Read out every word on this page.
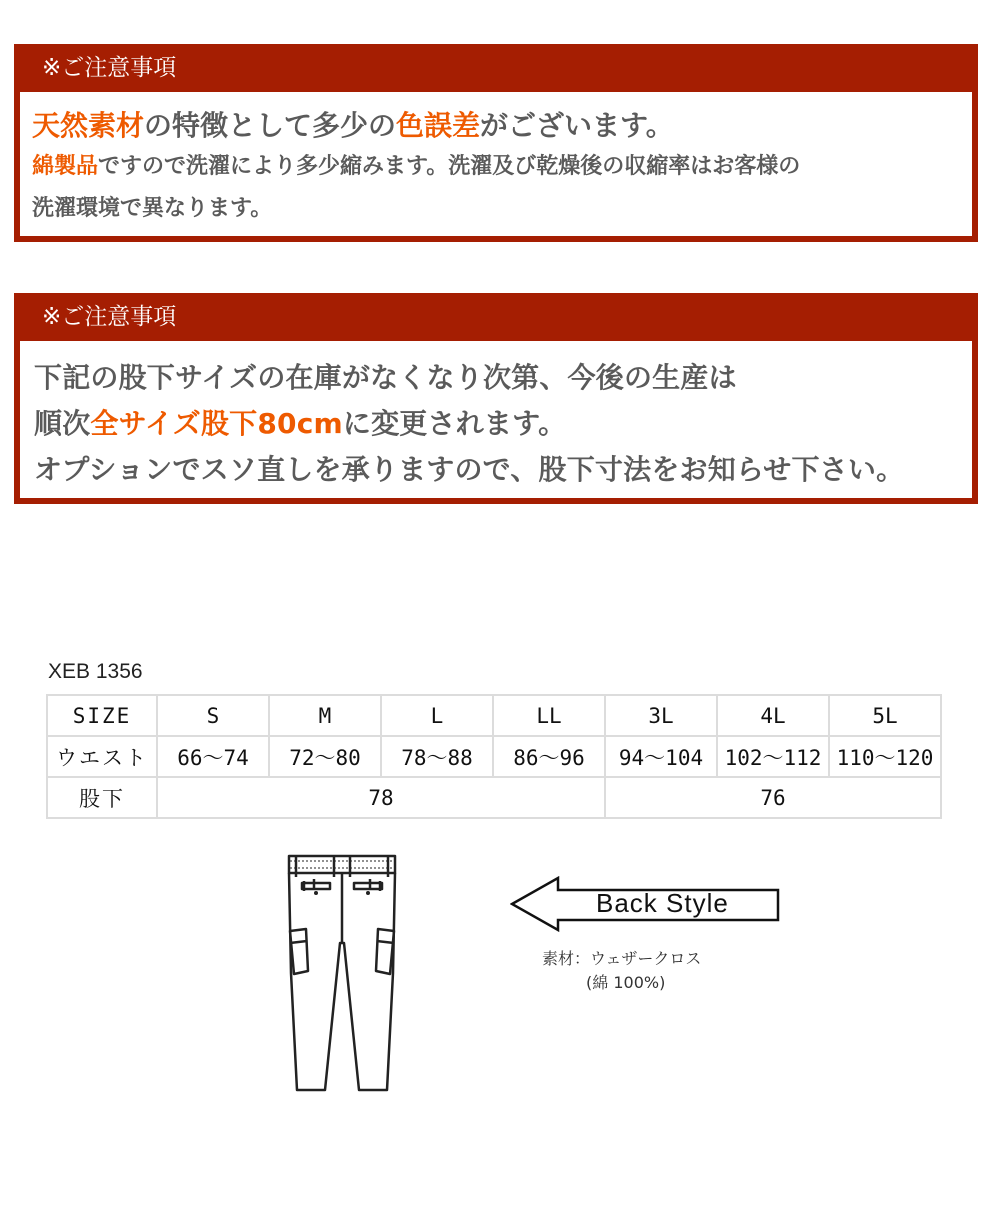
※ご注意事項
天然素材の特徴として多少の色誤差がございます。
綿製品ですので洗濯により多少縮みます。洗濯及び乾燥後の収縮率はお客様の
洗濯環境で異なります。
※ご注意事項
下記の股下サイズの在庫がなくなり次第、今後の生産は
順次全サイズ股下80cmに変更されます。
オプションでスソ直しを承りますので、股下寸法をお知らせ下さい。
XEB 1356
SIZE	S	M	L	LL	3L	4L	5L
ウエスト	66～74	72～80	78～88	86～96	94～104	102～112	110～120
股下	78				76		
Back Style
素材：ウェザークロス
(綿 100%)
